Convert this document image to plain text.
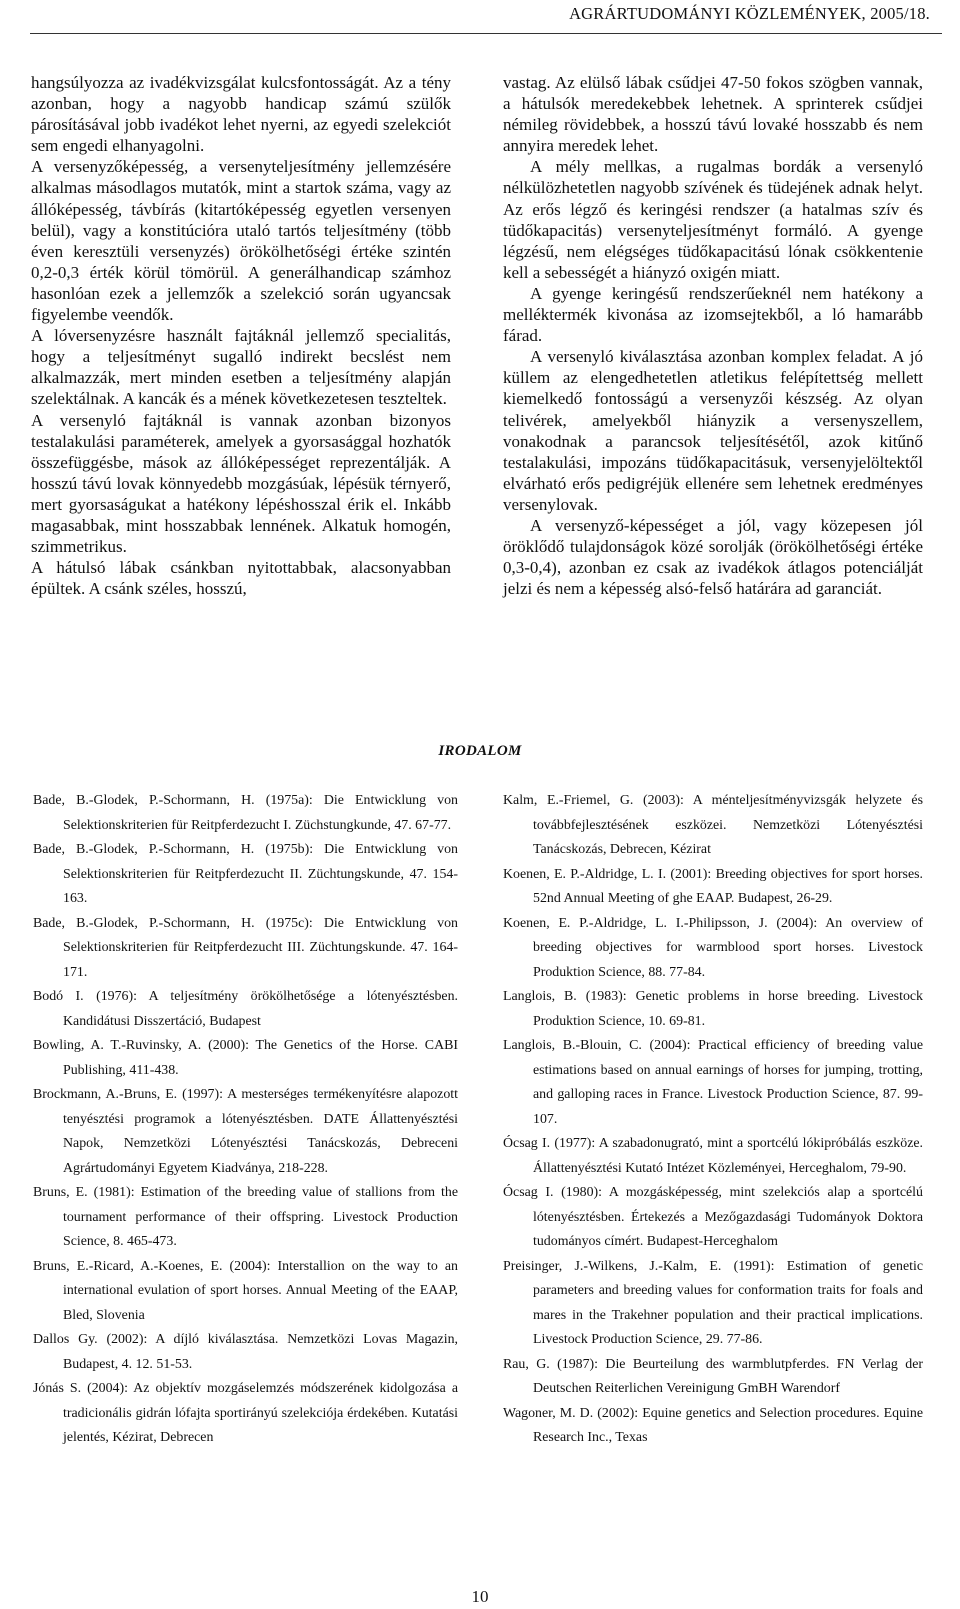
AGRÁRTUDOMÁNYI KÖZLEMÉNYEK, 2005/18.

hangsúlyozza az ivadékvizsgálat kulcsfontosságát. Az a tény azonban, hogy a nagyobb handicap számú szülők párosításával jobb ivadékot lehet nyerni, az egyedi szelekciót sem engedi elhanyagolni.

A versenyzőképesség, a versenyteljesítmény jellemzésére alkalmas másodlagos mutatók, mint a startok száma, vagy az állóképesség, távbírás (kitartóképesség egyetlen versenyen belül), vagy a konstitúcióra utaló tartós teljesítmény (több éven keresztüli versenyzés) örökölhetőségi értéke szintén 0,2-0,3 érték körül tömörül. A generálhandicap számhoz hasonlóan ezek a jellemzők a szelekció során ugyancsak figyelembe veendők.

A lóversenyzésre használt fajtáknál jellemző specialitás, hogy a teljesítményt sugalló indirekt becslést nem alkalmazzák, mert minden esetben a teljesítmény alapján szelektálnak. A kancák és a mének következetesen teszteltek.

A versenyló fajtáknál is vannak azonban bizonyos testalakulási paraméterek, amelyek a gyorsasággal hozhatók összefüggésbe, mások az állóképességet reprezentálják. A hosszú távú lovak könnyedebb mozgásúak, lépésük térnyerő, mert gyorsaságukat a hatékony lépéshosszal érik el. Inkább magasabbak, mint hosszabbak lennének. Alkatuk homogén, szimmetrikus.

A hátulsó lábak csánkban nyitottabbak, alacsonyabban épültek. A csánk széles, hosszú,

vastag. Az elülső lábak csűdjei 47-50 fokos szögben vannak, a hátulsók meredekebbek lehetnek. A sprinterek csűdjei némileg rövidebbek, a hosszú távú lovaké hosszabb és nem annyira meredek lehet.

A mély mellkas, a rugalmas bordák a versenyló nélkülözhetetlen nagyobb szívének és tüdejének adnak helyt. Az erős légző és keringési rendszer (a hatalmas szív és tüdőkapacitás) versenyteljesítményt formáló. A gyenge légzésű, nem elégséges tüdőkapacitású lónak csökkentenie kell a sebességét a hiányzó oxigén miatt.

A gyenge keringésű rendszerűeknél nem hatékony a melléktermék kivonása az izomsejtekből, a ló hamarább fárad.

A versenyló kiválasztása azonban komplex feladat. A jó küllem az elengedhetetlen atletikus felépítettség mellett kiemelkedő fontosságú a versenyzői készség. Az olyan telivérek, amelyekből hiányzik a versenyszellem, vonakodnak a parancsok teljesítésétől, azok kitűnő testalakulási, impozáns tüdőkapacitásuk, versenyjelöltektől elvárható erős pedigréjük ellenére sem lehetnek eredményes versenylovak.

A versenyző-képességet a jól, vagy közepesen jól öröklődő tulajdonságok közé sorolják (örökölhetőségi értéke 0,3-0,4), azonban ez csak az ivadékok átlagos potenciálját jelzi és nem a képesség alsó-felső határára ad garanciát.

IRODALOM

Bade, B.-Glodek, P.-Schormann, H. (1975a): Die Entwicklung von Selektionskriterien für Reitpferdezucht I. Züchstungkunde, 47. 67-77.

Bade, B.-Glodek, P.-Schormann, H. (1975b): Die Entwicklung von Selektionskriterien für Reitpferdezucht II. Züchtungskunde, 47. 154-163.

Bade, B.-Glodek, P.-Schormann, H. (1975c): Die Entwicklung von Selektionskriterien für Reitpferdezucht III. Züchtungskunde. 47. 164-171.

Bodó I. (1976): A teljesítmény örökölhetősége a lótenyésztésben. Kandidátusi Disszertáció, Budapest

Bowling, A. T.-Ruvinsky, A. (2000): The Genetics of the Horse. CABI Publishing, 411-438.

Brockmann, A.-Bruns, E. (1997): A mesterséges termékenyítésre alapozott tenyésztési programok a lótenyésztésben. DATE Állattenyésztési Napok, Nemzetközi Lótenyésztési Tanácskozás, Debreceni Agrártudományi Egyetem Kiadványa, 218-228.

Bruns, E. (1981): Estimation of the breeding value of stallions from the tournament performance of their offspring. Livestock Production Science, 8. 465-473.

Bruns, E.-Ricard, A.-Koenes, E. (2004): Interstallion on the way to an international evulation of sport horses. Annual Meeting of the EAAP, Bled, Slovenia

Dallos Gy. (2002): A díjló kiválasztása. Nemzetközi Lovas Magazin, Budapest, 4. 12. 51-53.

Jónás S. (2004): Az objektív mozgáselemzés módszerének kidolgozása a tradicionális gidrán lófajta sportirányú szelekciója érdekében. Kutatási jelentés, Kézirat, Debrecen

Kalm, E.-Friemel, G. (2003): A ménteljesítményvizsgák helyzete és továbbfejlesztésének eszközei. Nemzetközi Lótenyésztési Tanácskozás, Debrecen, Kézirat

Koenen, E. P.-Aldridge, L. I. (2001): Breeding objectives for sport horses. 52nd Annual Meeting of ghe EAAP. Budapest, 26-29.

Koenen, E. P.-Aldridge, L. I.-Philipsson, J. (2004): An overview of breeding objectives for warmblood sport horses. Livestock Produktion Science, 88. 77-84.

Langlois, B. (1983): Genetic problems in horse breeding. Livestock Produktion Science, 10. 69-81.

Langlois, B.-Blouin, C. (2004): Practical efficiency of breeding value estimations based on annual earnings of horses for jumping, trotting, and galloping races in France. Livestock Production Science, 87. 99-107.

Ócsag I. (1977): A szabadonugrató, mint a sportcélú lókipróbálás eszköze. Állattenyésztési Kutató Intézet Közleményei, Herceghalom, 79-90.

Ócsag I. (1980): A mozgásképesség, mint szelekciós alap a sportcélú lótenyésztésben. Értekezés a Mezőgazdasági Tudományok Doktora tudományos címért. Budapest-Herceghalom

Preisinger, J.-Wilkens, J.-Kalm, E. (1991): Estimation of genetic parameters and breeding values for conformation traits for foals and mares in the Trakehner population and their practical implications. Livestock Production Science, 29. 77-86.

Rau, G. (1987): Die Beurteilung des warmblutpferdes. FN Verlag der Deutschen Reiterlichen Vereinigung GmBH Warendorf

Wagoner, M. D. (2002): Equine genetics and Selection procedures. Equine Research Inc., Texas

10
